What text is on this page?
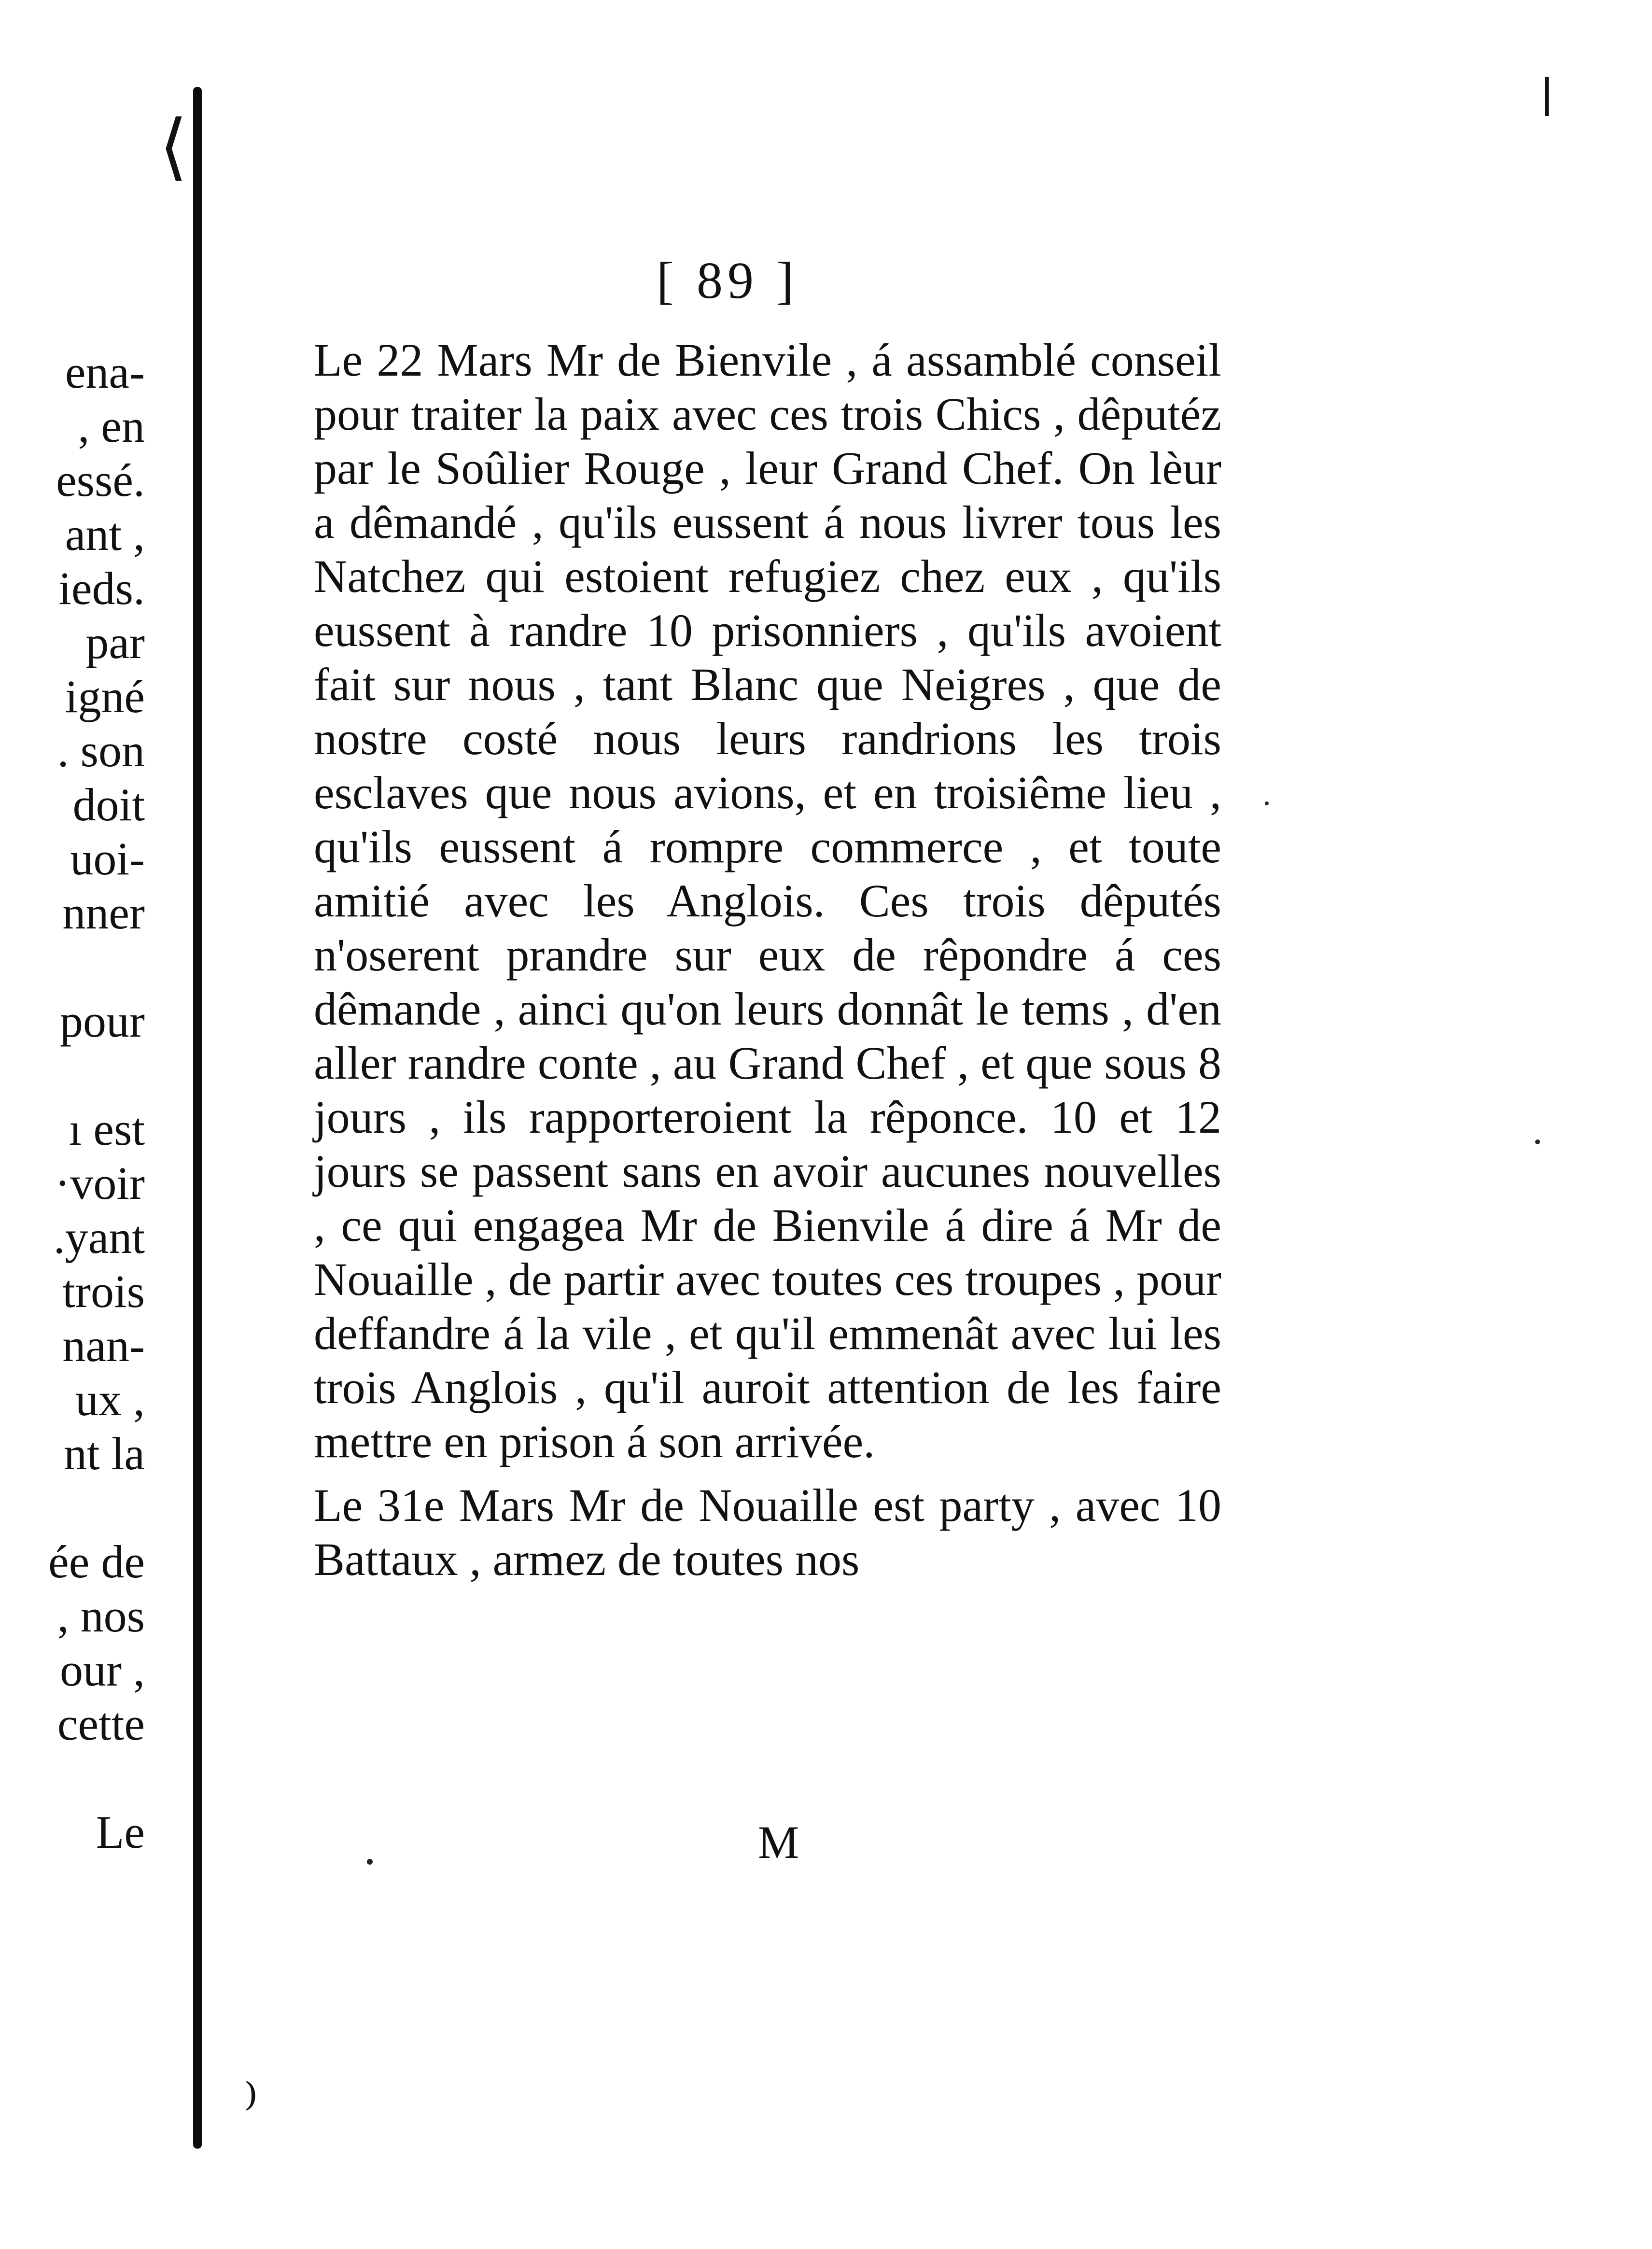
⟨
⁾
ena-
, en
essé.
ant ,
ieds.
par
igné
. son
doit
uoi-
nner
pour
ı est
·voir
.yant
trois
nan-
ux ,
nt la
ée de
, nos
our ,
cette
Le
[ 89 ]

Le 22 Mars Mr de Bienvile , á assamblé conseil pour traiter la paix avec ces trois Chics , dêputéz par le Soûlier Rouge , leur Grand Chef. On lèur a dêmandé , qu'ils eussent á nous livrer tous les Natchez qui estoient refugiez chez eux , qu'ils eussent à randre 10 prisonniers , qu'ils avoient fait sur nous , tant Blanc que Neigres , que de nostre costé nous leurs randrions les trois esclaves que nous avions, et en troisiême lieu , qu'ils eussent á rompre commerce , et toute amitié avec les Anglois. Ces trois dêputés n'oserent prandre sur eux de rêpondre á ces dêmande , ainci qu'on leurs donnât le tems , d'en aller randre conte , au Grand Chef , et que sous 8 jours , ils rapporteroient la rêponce. 10 et 12 jours se passent sans en avoir aucunes nouvelles , ce qui engagea Mr de Bienvile á dire á Mr de Nouaille , de partir avec toutes ces troupes , pour deffandre á la vile , et qu'il emmenât avec lui les trois Anglois , qu'il auroit attention de les faire mettre en prison á son arrivée.

Le 31e Mars Mr de Nouaille est party , avec 10 Battaux , armez de toutes nos

M
